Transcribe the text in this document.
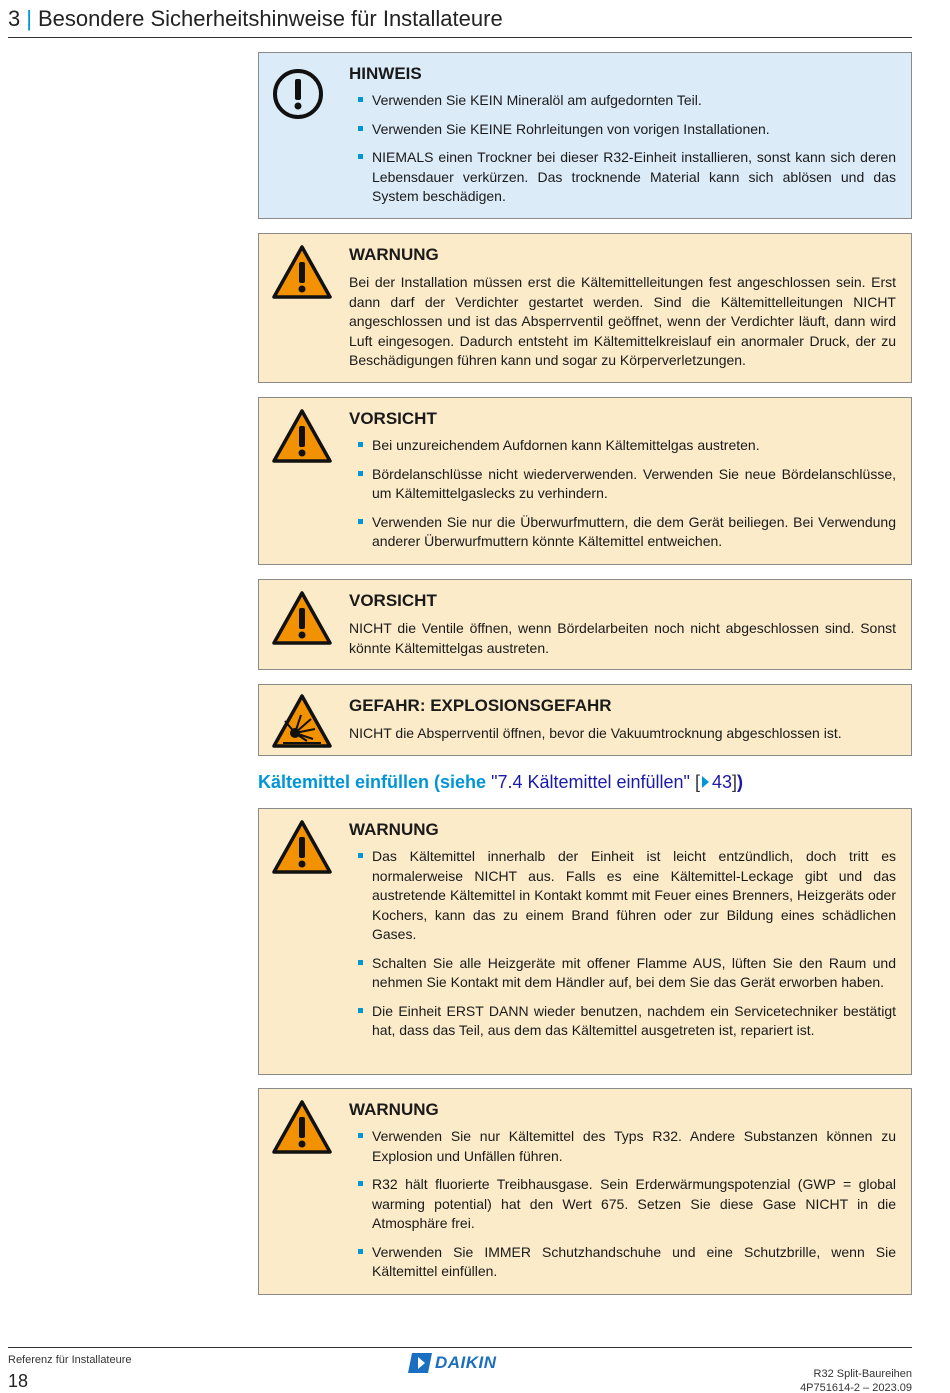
3 | Besondere Sicherheitshinweise für Installateure
HINWEIS
Verwenden Sie KEIN Mineralöl am aufgedornten Teil.
Verwenden Sie KEINE Rohrleitungen von vorigen Installationen.
NIEMALS einen Trockner bei dieser R32-Einheit installieren, sonst kann sich deren Lebensdauer verkürzen. Das trocknende Material kann sich ablösen und das System beschädigen.
WARNUNG

Bei der Installation müssen erst die Kältemittelleitungen fest angeschlossen sein. Erst dann darf der Verdichter gestartet werden. Sind die Kältemittelleitungen NICHT angeschlossen und ist das Absperrventil geöffnet, wenn der Verdichter läuft, dann wird Luft eingesogen. Dadurch entsteht im Kältemittelkreislauf ein anormaler Druck, der zu Beschädigungen führen kann und sogar zu Körperverletzungen.

VORSICHT
Bei unzureichendem Aufdornen kann Kältemittelgas austreten.
Bördelanschlüsse nicht wiederverwenden. Verwenden Sie neue Bördelanschlüsse, um Kältemittelgaslecks zu verhindern.
Verwenden Sie nur die Überwurfmuttern, die dem Gerät beiliegen. Bei Verwendung anderer Überwurfmuttern könnte Kältemittel entweichen.
VORSICHT

NICHT die Ventile öffnen, wenn Bördelarbeiten noch nicht abgeschlossen sind. Sonst könnte Kältemittelgas austreten.

GEFAHR: EXPLOSIONSGEFAHR

NICHT die Absperrventil öffnen, bevor die Vakuumtrocknung abgeschlossen ist.

Kältemittel einfüllen (siehe "7.4 Kältemittel einfüllen" [ 43])
WARNUNG
Das Kältemittel innerhalb der Einheit ist leicht entzündlich, doch tritt es normalerweise NICHT aus. Falls es eine Kältemittel-Leckage gibt und das austretende Kältemittel in Kontakt kommt mit Feuer eines Brenners, Heizgeräts oder Kochers, kann das zu einem Brand führen oder zur Bildung eines schädlichen Gases.
Schalten Sie alle Heizgeräte mit offener Flamme AUS, lüften Sie den Raum und nehmen Sie Kontakt mit dem Händler auf, bei dem Sie das Gerät erworben haben.
Die Einheit ERST DANN wieder benutzen, nachdem ein Servicetechniker bestätigt hat, dass das Teil, aus dem das Kältemittel ausgetreten ist, repariert ist.
WARNUNG
Verwenden Sie nur Kältemittel des Typs R32. Andere Substanzen können zu Explosion und Unfällen führen.
R32 hält fluorierte Treibhausgase. Sein Erderwärmungspotenzial (GWP = global warming potential) hat den Wert 675. Setzen Sie diese Gase NICHT in die Atmosphäre frei.
Verwenden Sie IMMER Schutzhandschuhe und eine Schutzbrille, wenn Sie Kältemittel einfüllen.
Referenz für Installateure
18
DAIKIN
R32 Split-Baureihen
4P751614-2 – 2023.09
